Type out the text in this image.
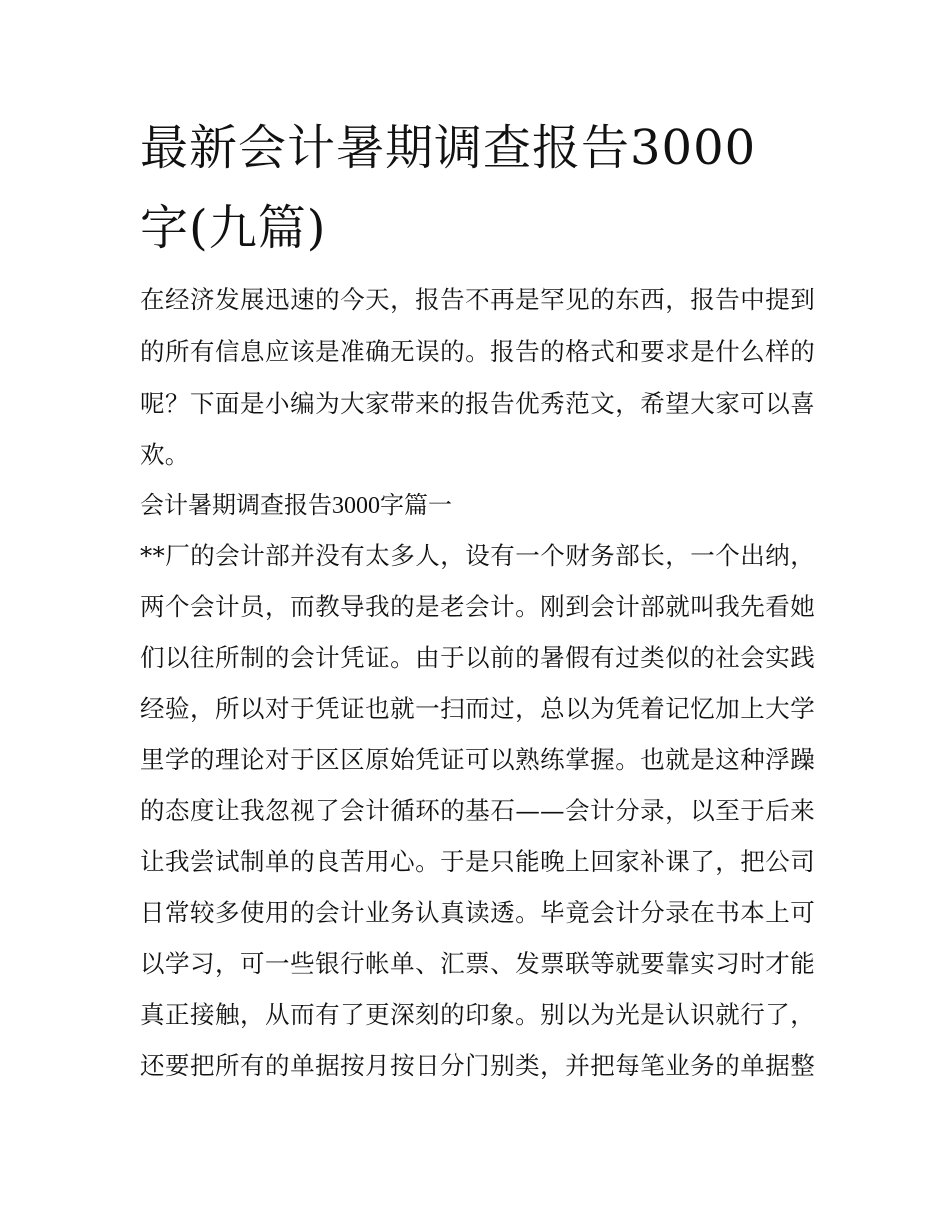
最新会计暑期调查报告3000
字(九篇)
在经济发展迅速的今天，报告不再是罕见的东西，报告中提到
的所有信息应该是准确无误的。报告的格式和要求是什么样的
呢？下面是小编为大家带来的报告优秀范文，希望大家可以喜
欢。
会计暑期调查报告3000字篇一
**厂的会计部并没有太多人，设有一个财务部长，一个出纳，
两个会计员，而教导我的是老会计。刚到会计部就叫我先看她
们以往所制的会计凭证。由于以前的暑假有过类似的社会实践
经验，所以对于凭证也就一扫而过，总以为凭着记忆加上大学
里学的理论对于区区原始凭证可以熟练掌握。也就是这种浮躁
的态度让我忽视了会计循环的基石——会计分录，以至于后来
让我尝试制单的良苦用心。于是只能晚上回家补课了，把公司
日常较多使用的会计业务认真读透。毕竟会计分录在书本上可
以学习，可一些银行帐单、汇票、发票联等就要靠实习时才能
真正接触，从而有了更深刻的印象。别以为光是认识就行了，
还要把所有的单据按月按日分门别类，并把每笔业务的单据整
